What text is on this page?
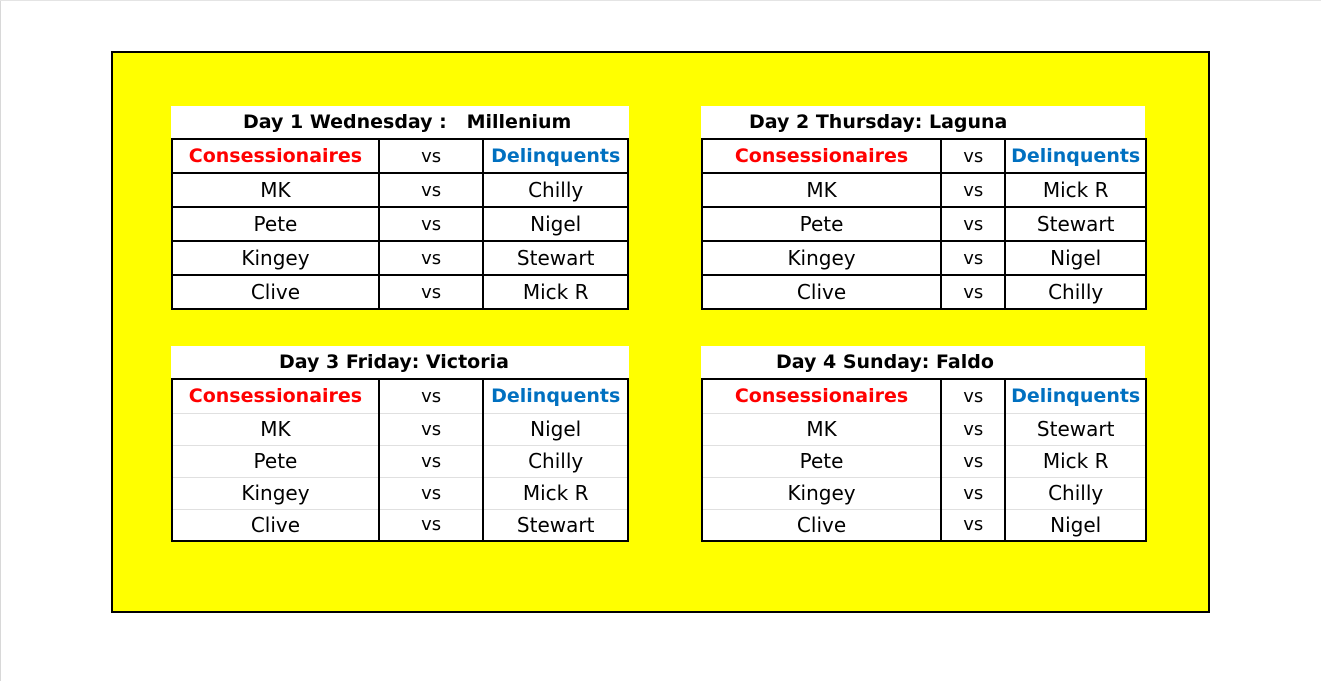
Day 1 Wednesday :   Millenium
Consessionaires	vs	Delinquents
MK	vs	Chilly
Pete	vs	Nigel
Kingey	vs	Stewart
Clive	vs	Mick R
Day 2 Thursday: Laguna
Consessionaires	vs	Delinquents
MK	vs	Mick R
Pete	vs	Stewart
Kingey	vs	Nigel
Clive	vs	Chilly
Day 3 Friday: Victoria
Consessionaires	vs	Delinquents
MK	vs	Nigel
Pete	vs	Chilly
Kingey	vs	Mick R
Clive	vs	Stewart
Day 4 Sunday: Faldo
Consessionaires	vs	Delinquents
MK	vs	Stewart
Pete	vs	Mick R
Kingey	vs	Chilly
Clive	vs	Nigel
